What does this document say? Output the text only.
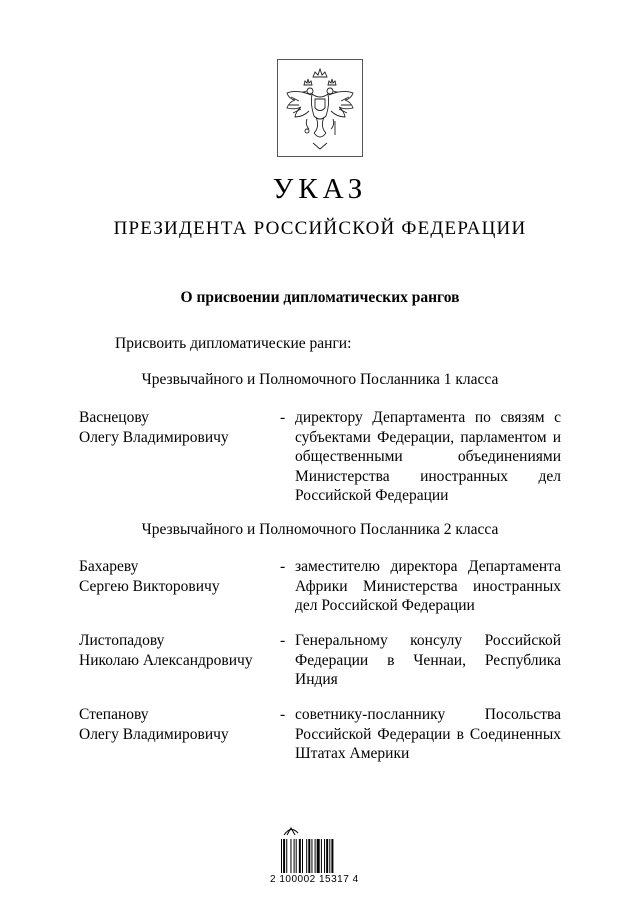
УКАЗ
ПРЕЗИДЕНТА РОССИЙСКОЙ ФЕДЕРАЦИИ
О присвоении дипломатических рангов
Присвоить дипломатические ранги:
Чрезвычайного и Полномочного Посланника 1 класса
Васнецову
Олегу Владимировичу
- директору Департамента по связям с субъектами Федерации, парламентом и общественными объединениями Министерства иностранных дел Российской Федерации
Чрезвычайного и Полномочного Посланника 2 класса
Бахареву
Сергею Викторовичу
- заместителю директора Департамента Африки Министерства иностранных дел Российской Федерации
Листопадову
Николаю Александровичу
- Генеральному консулу Российской Федерации в Ченнаи, Республика Индия
Степанову
Олегу Владимировичу
- советнику-посланнику Посольства Российской Федерации в Соединенных Штатах Америки
2 100002 15317 4
